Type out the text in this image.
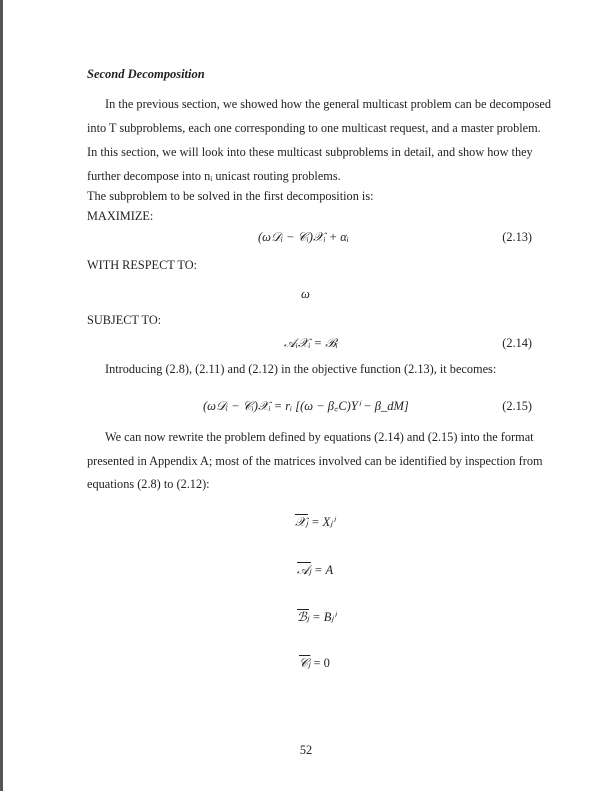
Second Decomposition
In the previous section, we showed how the general multicast problem can be decomposed
into T subproblems, each one corresponding to one multicast request, and a master problem.
In this section, we will look into these multicast subproblems in detail, and show how they
further decompose into nᵢ unicast routing problems.
The subproblem to be solved in the first decomposition is:
MAXIMIZE:
(ω𝒟ᵢ − 𝒞ᵢ)𝒳ᵢ + αᵢ	(2.13)
WITH RESPECT TO:
ω
SUBJECT TO:
𝒜ᵢ𝒳ᵢ = ℬᵢ	(2.14)
Introducing (2.8), (2.11) and (2.12) in the objective function (2.13), it becomes:
(ω𝒟ᵢ − 𝒞ᵢ)𝒳ᵢ = rᵢ [(ω − β꜀C)Yⁱ − β_dM]	(2.15)
We can now rewrite the problem defined by equations (2.14) and (2.15) into the format
presented in Appendix A; most of the matrices involved can be identified by inspection from
equations (2.8) to (2.12):
𝒳ⱼ = Xⱼⁱ
𝒜ⱼ = A
ℬⱼ = Bⱼⁱ
𝒞ⱼ = 0
52
